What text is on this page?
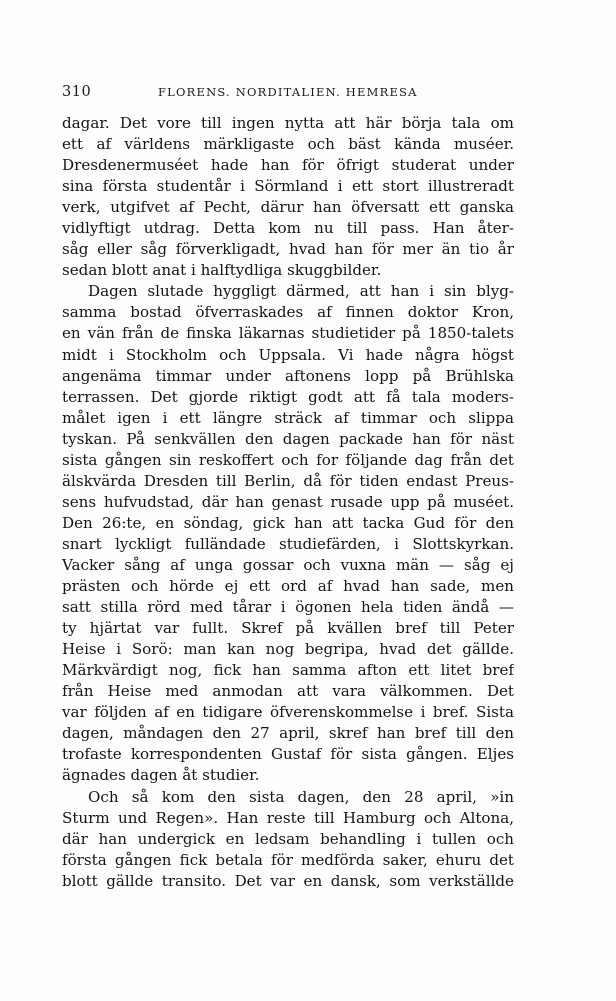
310	FLORENS. NORDITALIEN. HEMRESA
dagar. Det vore till ingen nytta att här börja tala om
ett af världens märkligaste och bäst kända muséer.
Dresdenermuséet hade han för öfrigt studerat under
sina första studentår i Sörmland i ett stort illustreradt
verk, utgifvet af Pecht, därur han öfversatt ett ganska
vidlyftigt utdrag. Detta kom nu till pass. Han åter-
såg eller såg förverkligadt, hvad han för mer än tio år
sedan blott anat i halftydliga skuggbilder.
Dagen slutade hyggligt därmed, att han i sin blyg-
samma bostad öfverraskades af finnen doktor Kron,
en vän från de finska läkarnas studietider på 1850-talets
midt i Stockholm och Uppsala. Vi hade några högst
angenäma timmar under aftonens lopp på Brühlska
terrassen. Det gjorde riktigt godt att få tala moders-
målet igen i ett längre sträck af timmar och slippa
tyskan. På senkvällen den dagen packade han för näst
sista gången sin reskoffert och for följande dag från det
älskvärda Dresden till Berlin, då för tiden endast Preus-
sens hufvudstad, där han genast rusade upp på muséet.
Den 26:te, en söndag, gick han att tacka Gud för den
snart lyckligt fulländade studiefärden, i Slottskyrkan.
Vacker sång af unga gossar och vuxna män — såg ej
prästen och hörde ej ett ord af hvad han sade, men
satt stilla rörd med tårar i ögonen hela tiden ändå —
ty hjärtat var fullt. Skref på kvällen bref till Peter
Heise i Sorö: man kan nog begripa, hvad det gällde.
Märkvärdigt nog, fick han samma afton ett litet bref
från Heise med anmodan att vara välkommen. Det
var följden af en tidigare öfverenskommelse i bref. Sista
dagen, måndagen den 27 april, skref han bref till den
trofaste korrespondenten Gustaf för sista gången. Eljes
ägnades dagen åt studier.
Och så kom den sista dagen, den 28 april, »in
Sturm und Regen». Han reste till Hamburg och Altona,
där han undergick en ledsam behandling i tullen och
första gången fick betala för medförda saker, ehuru det
blott gällde transito. Det var en dansk, som verkställde
